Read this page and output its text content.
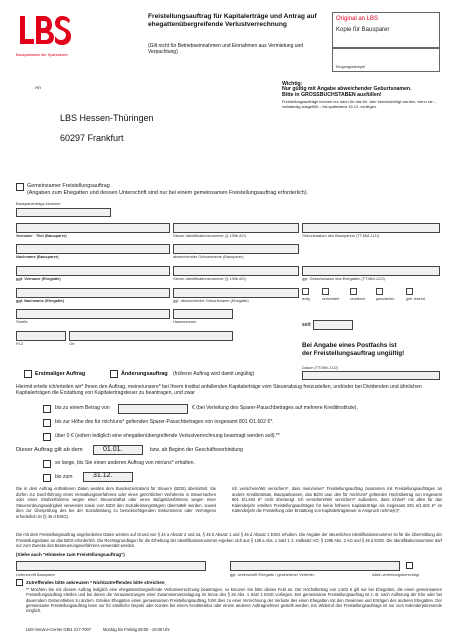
Bausparkasse der Sparkassen
Freistellungsauftrag für Kapitalerträge und Antrag auf ehegattenübergreifende Verlustverrechnung
(Gilt nicht für Betriebseinnahmen und Einnahmen aus Vermietung und Verpachtung)
Original an LBS
Kopie für Bausparer
Eingangsstempel
An
LBS Hessen-Thüringen
60297 Frankfurt
Wichtig:
Nur gültig mit Angabe abweichender Geburtsnamen.
Bitte in GROSSBUCHSTABEN ausfüllen!
Freistellungsaufträge können nur dann für das lfd. Jahr berücksichtigt werden, wenn sie – vollständig ausgefüllt – bis spätestens 15.12. vorliegen.
Gemeinsamer Freistellungsauftrag
(Angaben zum Ehegatten und dessen Unterschrift sind nur bei einem gemeinsamen Freistellungsauftrag erforderlich).
Bausparvertrags-Nummer
Vorname · Titel (Bausparer)	Steuer-Identifikationsnummer (§ 139b AO)	Geburtsdatum des Bausparers (TT.MM.JJJJ)
Nachname (Bausparer)	abweichender Geburtsname (Bausparer)
ggf. Vorname (Ehegatte)	Steuer-Identifikationsnummer (§ 139b AO)	ggf. Geburtsdatum des Ehegatten (TT.MM.JJJJ)
ggf. Nachname (Ehegatte)	ggf. abweichender Geburtsname (Ehegatte)	ledig	verheiratet	verwitwet	geschieden	getr. lebend
Straße	Hausnummer
seit
PLZ	Ort	Bei Angabe eines Postfachs ist
der Freistellungsauftrag ungültig!
Erstmaliger Auftrag	Änderungsauftrag (früherer Auftrag wird damit ungültig)
Datum (TT.MM.JJJJ)
Hiermit erteile ich/erteilen wir* Ihnen den Auftrag, meine/unsere* bei Ihrem Institut anfallenden Kapitalerträge vom Steuerabzug freizustellen, und/oder bei Dividenden und ähnlichen Kapitalerträgen die Erstattung von Kapitalertragsteuer zu beantragen, und zwar
bis zu einem Betrag von	€ (bei Verteilung des Sparer-Pauschbetrages auf mehrere Kreditinstitute).
bis zur Höhe des für mich/uns* geltenden Sparer-Pauschbetrages von insgesamt 801 €/1.602 €*.
über 0 € (sofern lediglich eine ehegattenübergreifende Verlustverrechnung beantragt werden soll).**
Dieser Auftrag gilt ab dem	01.01.	bzw. ab Beginn der Geschäftsverbindung
so lange, bis Sie einen anderen Auftrag von mir/uns* erhalten.
bis zum	31.12.
Die in dem Auftrag enthaltenen Daten werden dem Bundeszentralamt für Steuern (BZSt) übermittelt. Sie dürfen zur Durchführung eines Verwaltungsverfahrens oder eines gerichtlichen Verfahrens in Steuersachen oder eines Strafverfahrens wegen einer Steuerstraftat oder eines Bußgeldverfahrens wegen einer Steuerordnungswidrigkeit verwendet sowie vom BZSt den Sozialleistungsträgern übermittelt werden, soweit dies zur Überprüfung des bei der Sozialleistung zu berücksichtigenden Einkommens oder Vermögens erforderlich ist (§ 45 d EStG).
Ich versichere/Wir versichern*, dass mein/unser* Freistellungsauftrag zusammen mit Freistellungsaufträgen an andere Kreditinstitute, Bausparkassen, das BZSt usw. den für mich/uns* geltenden Höchstbetrag von insgesamt 801 €/1.602 €* nicht übersteigt. Ich versichere/Wir versichern* außerdem, dass ich/wir* mit allen für das Kalenderjahr erteilten Freistellungsaufträgen für keine höheren Kapitalerträge als insgesamt 801 €/1.602 €* im Kalenderjahr die Freistellung oder Erstattung von Kapitalertragsteuer in Anspruch nehme(n)*.
Die mit dem Freistellungsauftrag angeforderten Daten werden auf Grund von § 44 a Absatz 2 und 2a, § 45 b Absatz 1 und § 45 d Absatz 1 EStG erhoben. Die Angabe der steuerlichen Identifikationsnummer ist für die Übermittlung der Freistellungsdaten an das BZSt erforderlich. Die Rechtsgrundlagen für die Erhebung der Identifikationsnummer ergeben sich aus § 139 a Abs. 1 Satz 1 2. Halbsatz AO, § 139b Abs. 2 AO und § 45 d EStG. Die Identifikationsnummer darf nur zum Zwecke des Besteuerungsverfahrens verwendet werden.
(Siehe auch "Hinweise zum Freistellungsauftrag")
Unterschrift Bausparer	ggf. Unterschrift Ehegatte / gesetzlicher Vertreter	Allein vertretungsberechtigt
Zutreffendes bitte ankreuzen * Nichtzutreffendes bitte streichen
** Möchten Sie mit diesem Auftrag lediglich eine ehegattenübergreifende Verlustverrechnung beantragen, so kreuzen Sie bitte dieses Feld an. Der Höchstbetrag von 1.602 € gilt nur bei Ehegatten, die einen gemeinsamen Freistellungsauftrag erteilen und bei denen die Voraussetzungen einer Zusammenveranlagung im Sinne des § 26 Abs. 1 Satz 1 EStG vorliegen. Der gemeinsame Freistellungsauftrag ist z. B. nach Auflösung der Ehe oder bei dauerndem Getrenntleben zu ändern. Erteilen Ehegatten einen gemeinsamen Freistellungsauftrag, führt dies zu einer Verrechnung der Verluste des einen Ehegatten mit den Gewinnen und Erträgen des anderen Ehegatten. Der gemeinsame Freistellungsauftrag kann nur für sämtliche Depots oder Konten bei einem Kreditinstitut oder einem anderen Auftragnehmer gestellt werden. Ein Widerruf des Freistellungsauftrags ist nur zum Kalenderjahresende möglich.
LBS-Service-Center 0361 217-7007	Montag bis Freitag 08:00 - 18:00 Uhr
